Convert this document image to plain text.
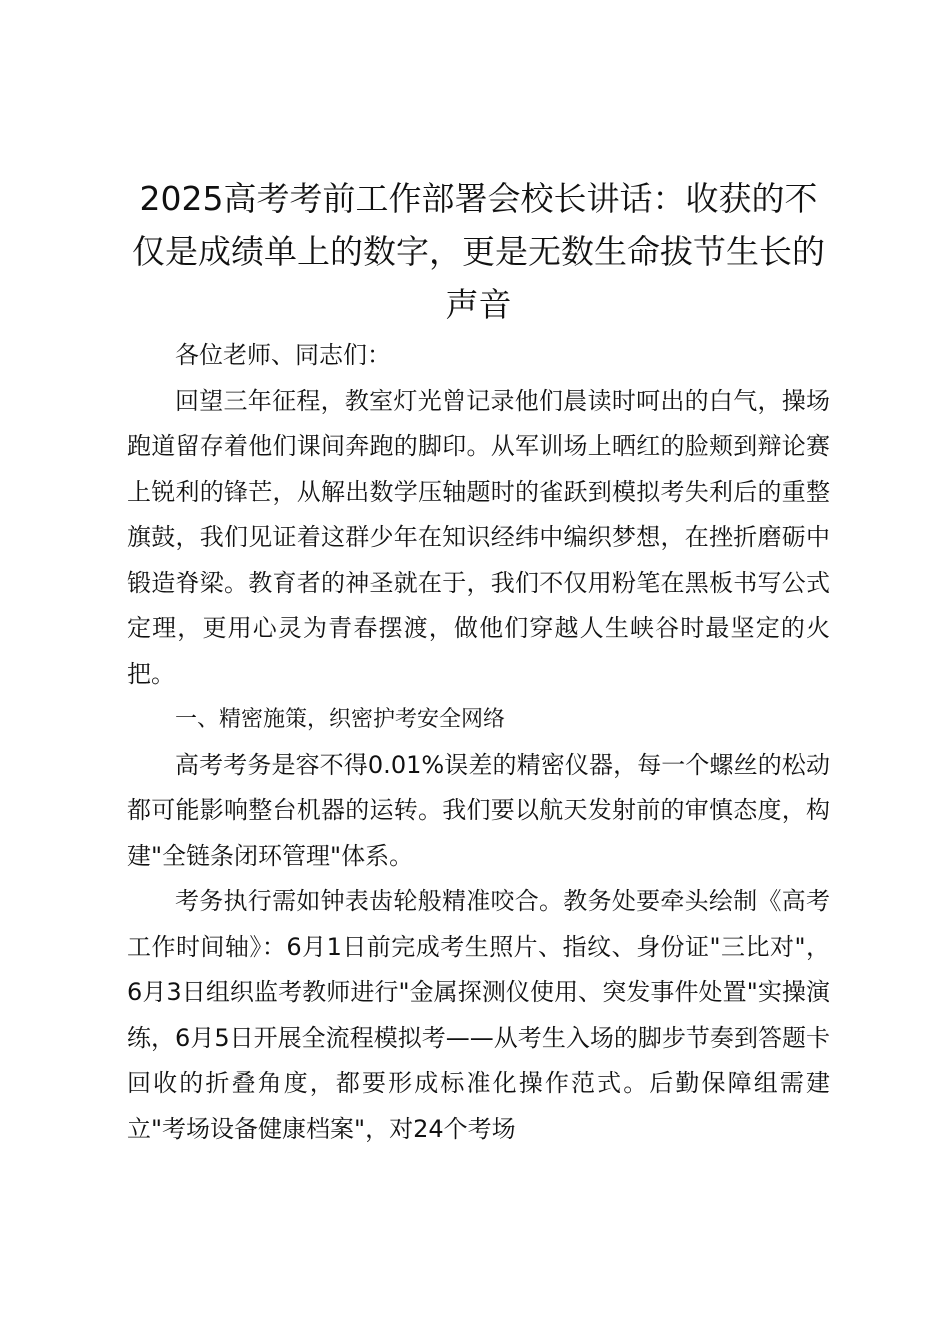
2025高考考前工作部署会校长讲话：收获的不仅是成绩单上的数字，更是无数生命拔节生长的声音

各位老师、同志们：

回望三年征程，教室灯光曾记录他们晨读时呵出的白气，操场跑道留存着他们课间奔跑的脚印。从军训场上晒红的脸颊到辩论赛上锐利的锋芒，从解出数学压轴题时的雀跃到模拟考失利后的重整旗鼓，我们见证着这群少年在知识经纬中编织梦想，在挫折磨砺中锻造脊梁。教育者的神圣就在于，我们不仅用粉笔在黑板书写公式定理，更用心灵为青春摆渡，做他们穿越人生峡谷时最坚定的火把。

一、精密施策，织密护考安全网络

高考考务是容不得0.01%误差的精密仪器，每一个螺丝的松动都可能影响整台机器的运转。我们要以航天发射前的审慎态度，构建"全链条闭环管理"体系。

考务执行需如钟表齿轮般精准咬合。教务处要牵头绘制《高考工作时间轴》：6月1日前完成考生照片、指纹、身份证"三比对"，6月3日组织监考教师进行"金属探测仪使用、突发事件处置"实操演练，6月5日开展全流程模拟考——从考生入场的脚步节奏到答题卡回收的折叠角度，都要形成标准化操作范式。后勤保障组需建立"考场设备健康档案"，对24个考场
